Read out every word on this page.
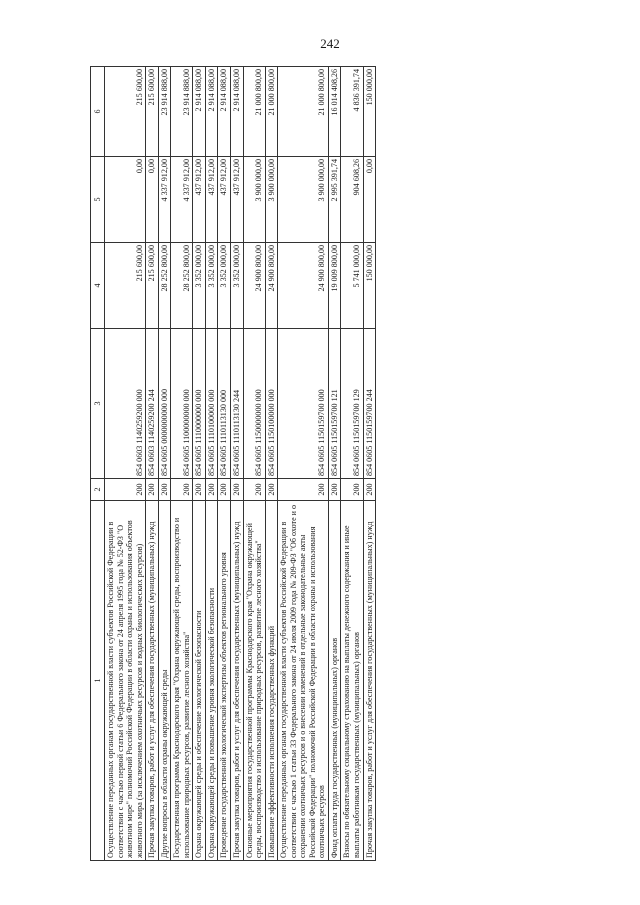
242
1	2	3	4	5	6
Осуществление переданных органам государственной власти субъектов Российской Федерации в соответствии с частью первой статьи 6 Федерального закона от 24 апреля 1995 года № 52-ФЗ "О животном мире" полномочий Российской Федерации в области охраны и использования объектов животного мира (за исключением охотничьих ресурсов и водных биологических ресурсов)	200	854 0603 1140259200 000	215 600,00	0,00	215 600,00
Прочая закупка товаров, работ и услуг для обеспечения государственных (муниципальных) нужд	200	854 0603 1140259200 244	215 600,00	0,00	215 600,00
Другие вопросы в области охраны окружающей среды	200	854 0605 0000000000 000	28 252 800,00	4 337 912,00	23 914 888,00
Государственная программа Краснодарского края "Охрана окружающей среды, воспроизводство и использование природных ресурсов, развитие лесного хозяйства"	200	854 0605 1100000000 000	28 252 800,00	4 337 912,00	23 914 888,00
Охрана окружающей среды и обеспечение экологической безопасности	200	854 0605 1110000000 000	3 352 000,00	437 912,00	2 914 088,00
Охрана окружающей среды и повышение уровня экологической безопасности	200	854 0605 1110100000 000	3 352 000,00	437 912,00	2 914 088,00
Проведение государственной экологической экспертизы объектов регионального уровня	200	854 0605 1110113130 000	3 352 000,00	437 912,00	2 914 088,00
Прочая закупка товаров, работ и услуг для обеспечения государственных (муниципальных) нужд	200	854 0605 1110113130 244	3 352 000,00	437 912,00	2 914 088,00
Основные мероприятия государственной программы Краснодарского края "Охрана окружающей среды, воспроизводство и использование природных ресурсов, развитие лесного хозяйства"	200	854 0605 1150000000 000	24 900 800,00	3 900 000,00	21 000 800,00
Повышение эффективности исполнения государственных функций	200	854 0605 1150100000 000	24 900 800,00	3 900 000,00	21 000 800,00
Осуществление переданных органам государственной власти субъектов Российской Федерации в соответствии с частью 1 статьи 33 Федерального закона от 24 июля 2009 года № 209-ФЗ "Об охоте и о сохранении охотничьих ресурсов и о внесении изменений в отдельные законодательные акты Российской Федерации" полномочий Российской Федерации в области охраны и использования охотничьих ресурсов	200	854 0605 1150159700 000	24 900 800,00	3 900 000,00	21 000 800,00
Фонд оплаты труда государственных (муниципальных) органов	200	854 0605 1150159700 121	19 009 800,00	2 995 391,74	16 014 408,26
Взносы по обязательному социальному страхованию на выплаты денежного содержания и иные выплаты работникам государственных (муниципальных) органов	200	854 0605 1150159700 129	5 741 000,00	904 608,26	4 836 391,74
Прочая закупка товаров, работ и услуг для обеспечения государственных (муниципальных) нужд	200	854 0605 1150159700 244	150 000,00	0,00	150 000,00
